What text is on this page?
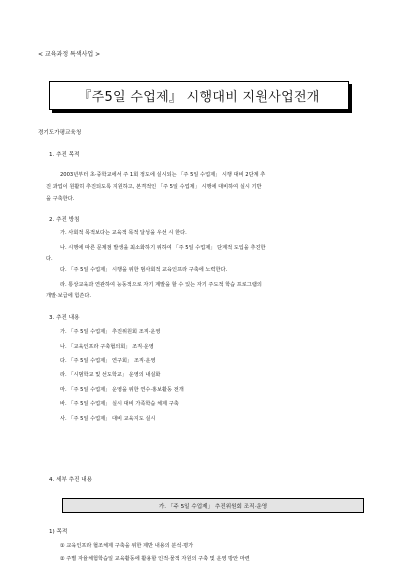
< 교육과정 특색사업 >
『주5일 수업제』 시행대비 지원사업전개
경기도가평교육청
1. 추진 목적
2003년부터 초·중학교에서 주 1회 정도에 실시되는 「주 5일 수업제」 시행 대비 2단계 추
진 과업이 원활히 추진되도록 지원하고, 본격적인 「주 5일 수업제」 시행에 대비하여 실시 기반
을 구축한다.
2. 추진 방침
가. 사회적 목적보다는 교육적 목적 달성을 우선 시 한다.
나. 시행에 따른 문제점 발생을 최소화하기 위하여 「주 5일 수업제」 단계적 도입을 추진한
다.
다. 「주 5일 수업제」 시행을 위한 범사회적 교육인프라 구축에 노력한다.
라. 통상교육과 연관하여 능동적으로 자기 계발을 할 수 있는 자기 주도적 학습 프로그램의
개발·보급에 힘쓴다.
3. 추진 내용
가. 「주 5일 수업제」 추진위원회 조직·운영
나. 「교육인프라 구축협의회」 조직·운영
다. 「주 5일 수업제」 연구회」 조직·운영
라. 「시범학교 및 선도학교」 운영의 내실화
마. 「주 5일 수업제」 운영을 위한 연수·홍보활동 전개
바. 「주 5일 수업제」 실시 대비 가족학습 체제 구축
사. 「주 5일 수업제」 대비 교육지도 실시
4. 세부 추진 내용
가. 「주 5일 수업제」 추진위원회 조직·운영
1) 목적
① 교육인프라 협조체제 구축을 위한 제반 내용의 분석·평가
② 주별 자율체험학습일 교육활동에 활용할 인적·물적 자원의 구축 및 운영 방안 마련
